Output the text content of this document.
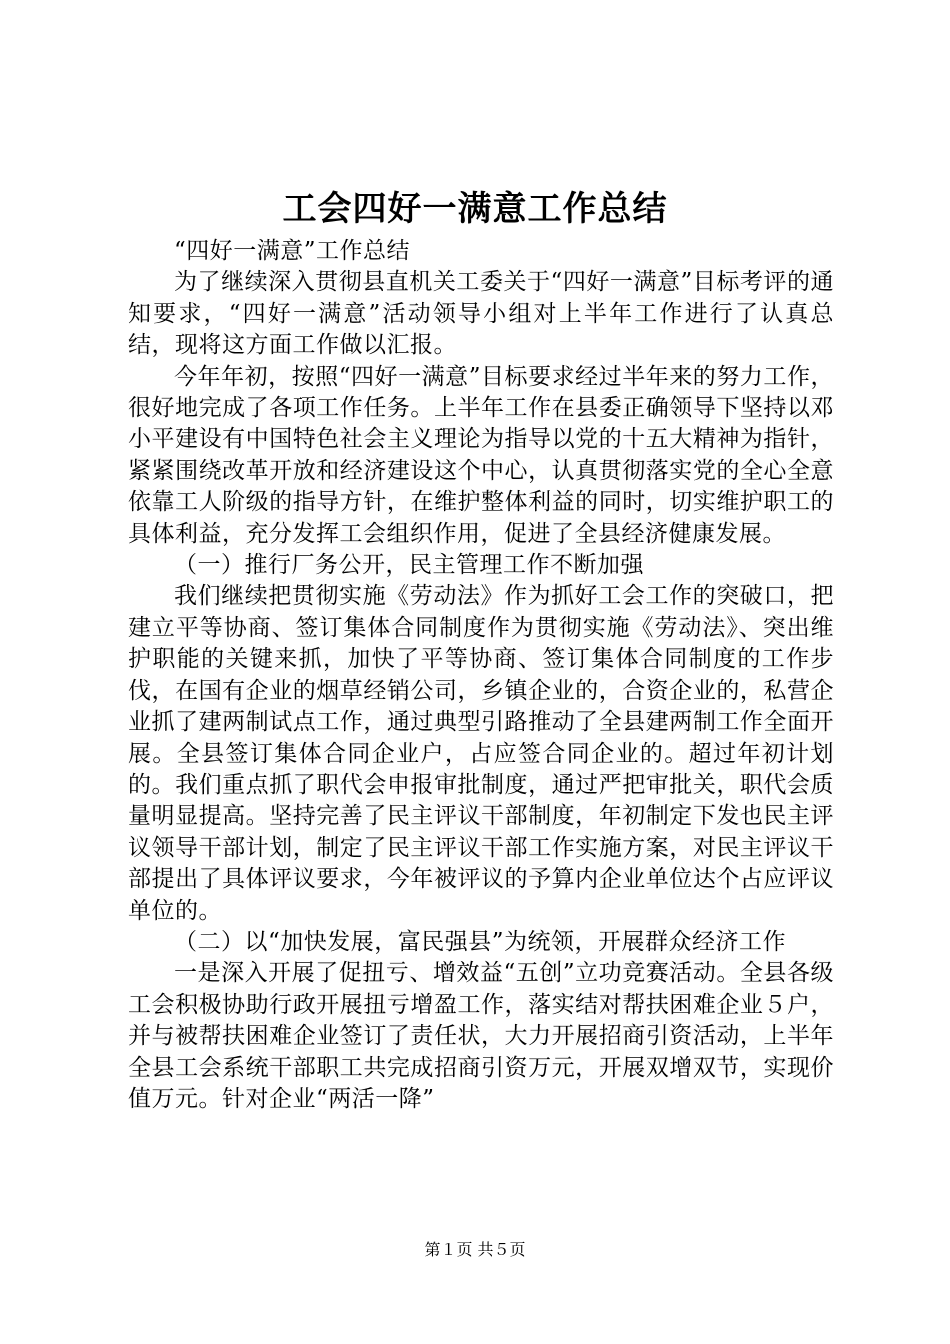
工会四好一满意工作总结

“四好一满意”工作总结

为了继续深入贯彻县直机关工委关于“四好一满意”目标考评的通知要求，“四好一满意”活动领导小组对上半年工作进行了认真总结，现将这方面工作做以汇报。

今年年初，按照“四好一满意”目标要求经过半年来的努力工作，很好地完成了各项工作任务。上半年工作在县委正确领导下坚持以邓小平建设有中国特色社会主义理论为指导以党的十五大精神为指针，紧紧围绕改革开放和经济建设这个中心，认真贯彻落实党的全心全意依靠工人阶级的指导方针，在维护整体利益的同时，切实维护职工的具体利益，充分发挥工会组织作用，促进了全县经济健康发展。

（一）推行厂务公开，民主管理工作不断加强

我们继续把贯彻实施《劳动法》作为抓好工会工作的突破口，把建立平等协商、签订集体合同制度作为贯彻实施《劳动法》、突出维护职能的关键来抓，加快了平等协商、签订集体合同制度的工作步伐，在国有企业的烟草经销公司，乡镇企业的，合资企业的，私营企业抓了建两制试点工作，通过典型引路推动了全县建两制工作全面开展。全县签订集体合同企业户，占应签合同企业的。超过年初计划的。我们重点抓了职代会申报审批制度，通过严把审批关，职代会质量明显提高。坚持完善了民主评议干部制度，年初制定下发也民主评议领导干部计划，制定了民主评议干部工作实施方案，对民主评议干部提出了具体评议要求，今年被评议的予算内企业单位达个占应评议单位的。

（二）以“加快发展，富民强县”为统领，开展群众经济工作

一是深入开展了促扭亏、增效益“五创”立功竞赛活动。全县各级工会积极协助行政开展扭亏增盈工作，落实结对帮扶困难企业５户，并与被帮扶困难企业签订了责任状，大力开展招商引资活动，上半年全县工会系统干部职工共完成招商引资万元，开展双增双节，实现价值万元。针对企业“两活一降”

第１页 共５页
